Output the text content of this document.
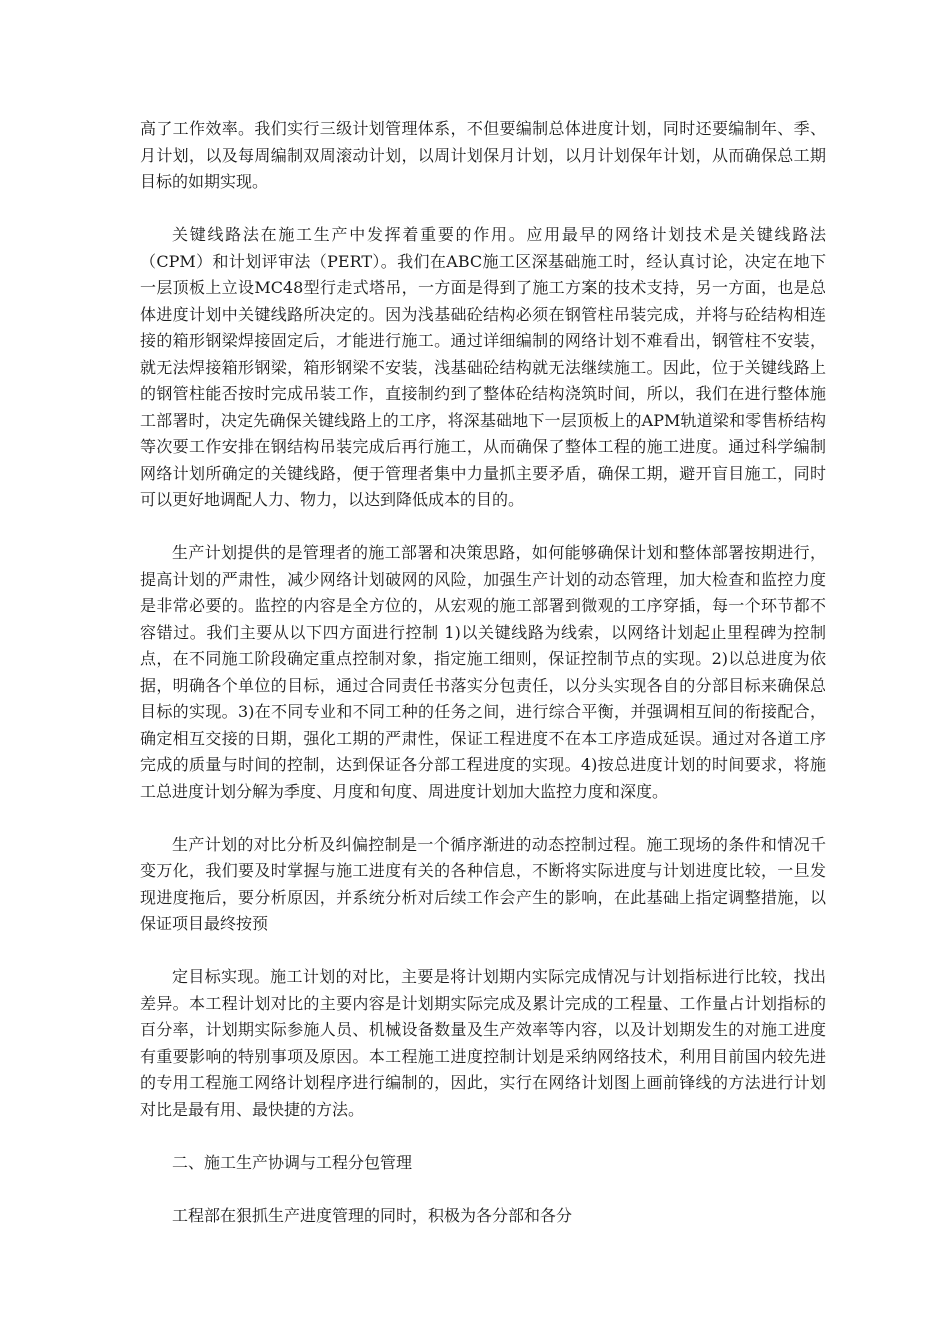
高了工作效率。我们实行三级计划管理体系，不但要编制总体进度计划，同时还要编制年、季、月计划，以及每周编制双周滚动计划，以周计划保月计划，以月计划保年计划，从而确保总工期目标的如期实现。

关键线路法在施工生产中发挥着重要的作用。应用最早的网络计划技术是关键线路法（CPM）和计划评审法（PERT）。我们在ABC施工区深基础施工时，经认真讨论，决定在地下一层顶板上立设MC48型行走式塔吊，一方面是得到了施工方案的技术支持，另一方面，也是总体进度计划中关键线路所决定的。因为浅基础砼结构必须在钢管柱吊装完成，并将与砼结构相连接的箱形钢梁焊接固定后，才能进行施工。通过详细编制的网络计划不难看出，钢管柱不安装，就无法焊接箱形钢梁，箱形钢梁不安装，浅基础砼结构就无法继续施工。因此，位于关键线路上的钢管柱能否按时完成吊装工作，直接制约到了整体砼结构浇筑时间，所以，我们在进行整体施工部署时，决定先确保关键线路上的工序，将深基础地下一层顶板上的APM轨道梁和零售桥结构等次要工作安排在钢结构吊装完成后再行施工，从而确保了整体工程的施工进度。通过科学编制网络计划所确定的关键线路，便于管理者集中力量抓主要矛盾，确保工期，避开盲目施工，同时可以更好地调配人力、物力，以达到降低成本的目的。

生产计划提供的是管理者的施工部署和决策思路，如何能够确保计划和整体部署按期进行，提高计划的严肃性，减少网络计划破网的风险，加强生产计划的动态管理，加大检查和监控力度是非常必要的。监控的内容是全方位的，从宏观的施工部署到微观的工序穿插，每一个环节都不容错过。我们主要从以下四方面进行控制 1)以关键线路为线索，以网络计划起止里程碑为控制点，在不同施工阶段确定重点控制对象，指定施工细则，保证控制节点的实现。2)以总进度为依据，明确各个单位的目标，通过合同责任书落实分包责任，以分头实现各自的分部目标来确保总目标的实现。3)在不同专业和不同工种的任务之间，进行综合平衡，并强调相互间的衔接配合，确定相互交接的日期，强化工期的严肃性，保证工程进度不在本工序造成延误。通过对各道工序完成的质量与时间的控制，达到保证各分部工程进度的实现。4)按总进度计划的时间要求，将施工总进度计划分解为季度、月度和旬度、周进度计划加大监控力度和深度。

生产计划的对比分析及纠偏控制是一个循序渐进的动态控制过程。施工现场的条件和情况千变万化，我们要及时掌握与施工进度有关的各种信息，不断将实际进度与计划进度比较，一旦发现进度拖后，要分析原因，并系统分析对后续工作会产生的影响，在此基础上指定调整措施，以保证项目最终按预

定目标实现。施工计划的对比，主要是将计划期内实际完成情况与计划指标进行比较，找出差异。本工程计划对比的主要内容是计划期实际完成及累计完成的工程量、工作量占计划指标的百分率，计划期实际参施人员、机械设备数量及生产效率等内容，以及计划期发生的对施工进度有重要影响的特别事项及原因。本工程施工进度控制计划是采纳网络技术，利用目前国内较先进的专用工程施工网络计划程序进行编制的，因此，实行在网络计划图上画前锋线的方法进行计划对比是最有用、最快捷的方法。

二、施工生产协调与工程分包管理

工程部在狠抓生产进度管理的同时，积极为各分部和各分
